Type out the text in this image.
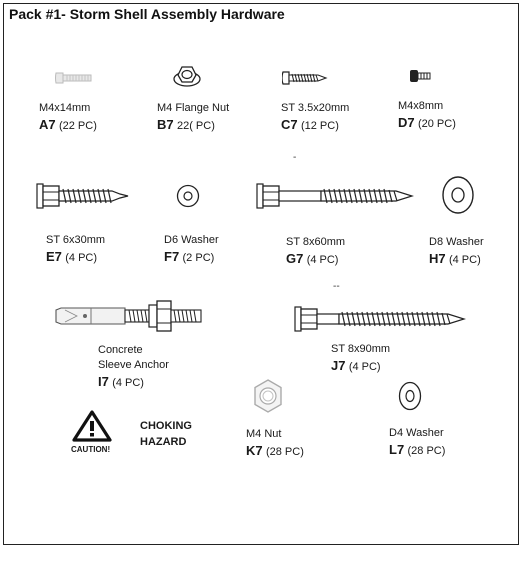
Pack #1- Storm Shell Assembly Hardware
M4x14mm
A7 (22 PC)
M4 Flange Nut
B7 22( PC)
ST 3.5x20mm
C7 (12 PC)
M4x8mm
D7 (20 PC)
-
ST 6x30mm
E7 (4 PC)
D6 Washer
F7 (2 PC)
ST 8x60mm
G7 (4 PC)
D8 Washer
H7 (4 PC)
Concrete
Sleeve Anchor
I7 (4 PC)
--
ST 8x90mm
J7 (4 PC)
CAUTION!
CHOKING
HAZARD
M4 Nut
K7 (28 PC)
D4 Washer
L7 (28 PC)
